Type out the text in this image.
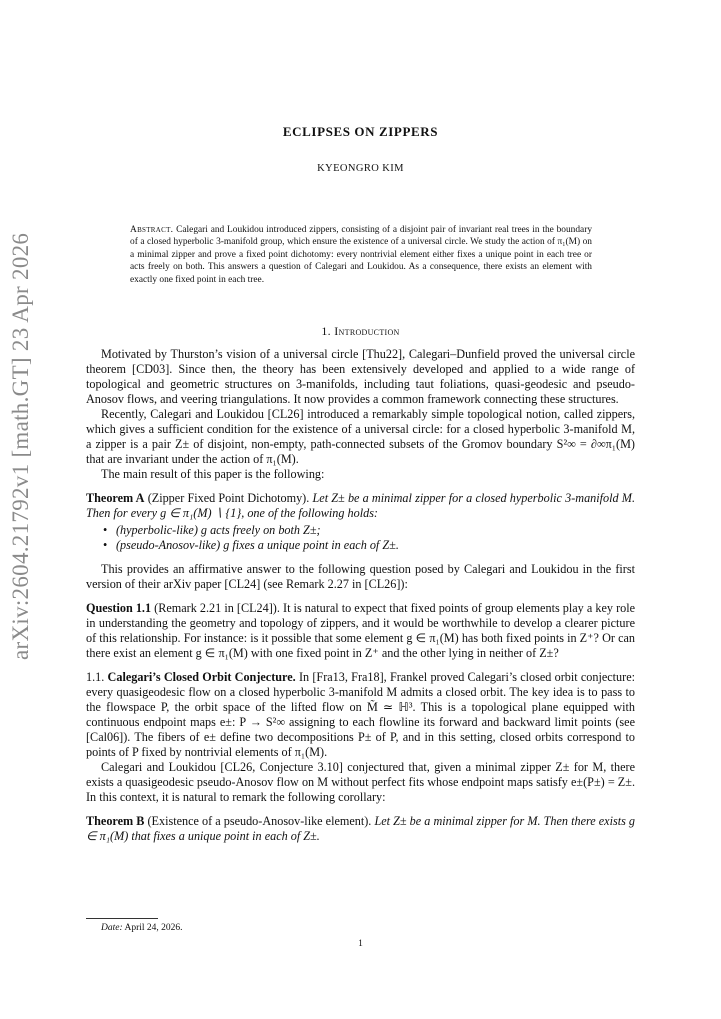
arXiv:2604.21792v1 [math.GT] 23 Apr 2026
ECLIPSES ON ZIPPERS
KYEONGRO KIM
Abstract. Calegari and Loukidou introduced zippers, consisting of a disjoint pair of invariant real trees in the boundary of a closed hyperbolic 3-manifold group, which ensure the existence of a universal circle. We study the action of π₁(M) on a minimal zipper and prove a fixed point dichotomy: every nontrivial element either fixes a unique point in each tree or acts freely on both. This answers a question of Calegari and Loukidou. As a consequence, there exists an element with exactly one fixed point in each tree.
1. Introduction

Motivated by Thurston’s vision of a universal circle [Thu22], Calegari–Dunfield proved the universal circle theorem [CD03]. Since then, the theory has been extensively developed and applied to a wide range of topological and geometric structures on 3-manifolds, including taut foliations, quasi-geodesic and pseudo-Anosov flows, and veering triangulations. It now provides a common framework connecting these structures.

Recently, Calegari and Loukidou [CL26] introduced a remarkably simple topological notion, called zippers, which gives a sufficient condition for the existence of a universal circle: for a closed hyperbolic 3-manifold M, a zipper is a pair Z± of disjoint, non-empty, path-connected subsets of the Gromov boundary S²∞ = ∂∞π₁(M) that are invariant under the action of π₁(M).

The main result of this paper is the following:

Theorem A (Zipper Fixed Point Dichotomy). Let Z± be a minimal zipper for a closed hyperbolic 3-manifold M. Then for every g ∈ π₁(M) ∖ {1}, one of the following holds:

• (hyperbolic-like) g acts freely on both Z±;
• (pseudo-Anosov-like) g fixes a unique point in each of Z±.

This provides an affirmative answer to the following question posed by Calegari and Loukidou in the first version of their arXiv paper [CL24] (see Remark 2.27 in [CL26]):

Question 1.1 (Remark 2.21 in [CL24]). It is natural to expect that fixed points of group elements play a key role in understanding the geometry and topology of zippers, and it would be worthwhile to develop a clearer picture of this relationship. For instance: is it possible that some element g ∈ π₁(M) has both fixed points in Z⁺? Or can there exist an element g ∈ π₁(M) with one fixed point in Z⁺ and the other lying in neither of Z±?

1.1. Calegari’s Closed Orbit Conjecture. In [Fra13, Fra18], Frankel proved Calegari’s closed orbit conjecture: every quasigeodesic flow on a closed hyperbolic 3-manifold M admits a closed orbit. The key idea is to pass to the flowspace P, the orbit space of the lifted flow on M̃ ≃ ℍ³. This is a topological plane equipped with continuous endpoint maps e±: P → S²∞ assigning to each flowline its forward and backward limit points (see [Cal06]). The fibers of e± define two decompositions P± of P, and in this setting, closed orbits correspond to points of P fixed by nontrivial elements of π₁(M).

Calegari and Loukidou [CL26, Conjecture 3.10] conjectured that, given a minimal zipper Z± for M, there exists a quasigeodesic pseudo-Anosov flow on M without perfect fits whose endpoint maps satisfy e±(P±) = Z±. In this context, it is natural to remark the following corollary:

Theorem B (Existence of a pseudo-Anosov-like element). Let Z± be a minimal zipper for M. Then there exists g ∈ π₁(M) that fixes a unique point in each of Z±.

Date: April 24, 2026.
1
